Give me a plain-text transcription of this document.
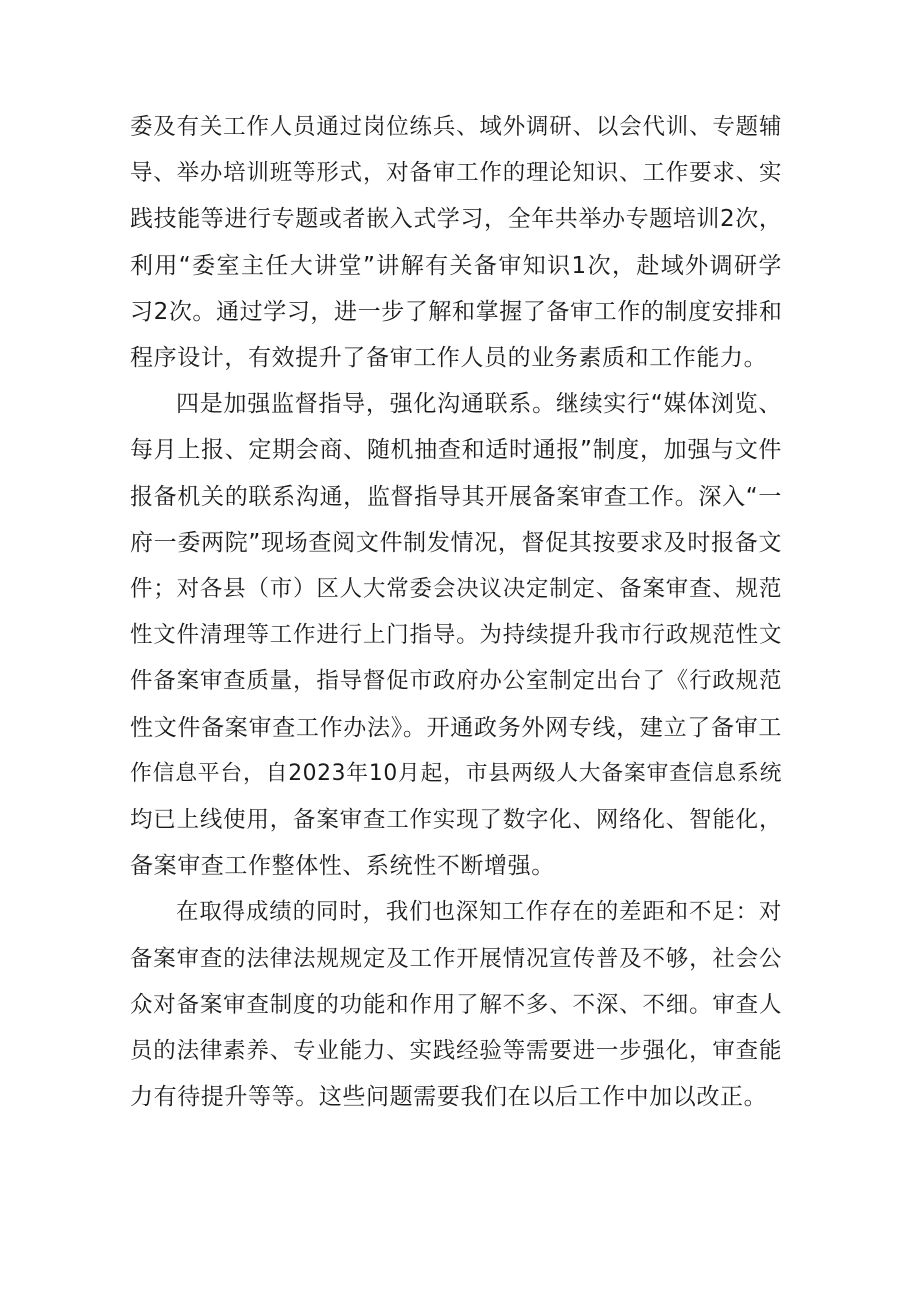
委及有关工作人员通过岗位练兵、域外调研、以会代训、专题辅
导、举办培训班等形式，对备审工作的理论知识、工作要求、实
践技能等进行专题或者嵌入式学习，全年共举办专题培训2次，
利用“委室主任大讲堂”讲解有关备审知识1次，赴域外调研学
习2次。通过学习，进一步了解和掌握了备审工作的制度安排和
程序设计，有效提升了备审工作人员的业务素质和工作能力。
四是加强监督指导，强化沟通联系。继续实行“媒体浏览、
每月上报、定期会商、随机抽查和适时通报”制度，加强与文件
报备机关的联系沟通，监督指导其开展备案审查工作。深入“一
府一委两院”现场查阅文件制发情况，督促其按要求及时报备文
件；对各县（市）区人大常委会决议决定制定、备案审查、规范
性文件清理等工作进行上门指导。为持续提升我市行政规范性文
件备案审查质量，指导督促市政府办公室制定出台了《行政规范
性文件备案审查工作办法》。开通政务外网专线，建立了备审工
作信息平台，自2023年10月起，市县两级人大备案审查信息系统
均已上线使用，备案审查工作实现了数字化、网络化、智能化，
备案审查工作整体性、系统性不断增强。
在取得成绩的同时，我们也深知工作存在的差距和不足：对
备案审查的法律法规规定及工作开展情况宣传普及不够，社会公
众对备案审查制度的功能和作用了解不多、不深、不细。审查人
员的法律素养、专业能力、实践经验等需要进一步强化，审查能
力有待提升等等。这些问题需要我们在以后工作中加以改正。
